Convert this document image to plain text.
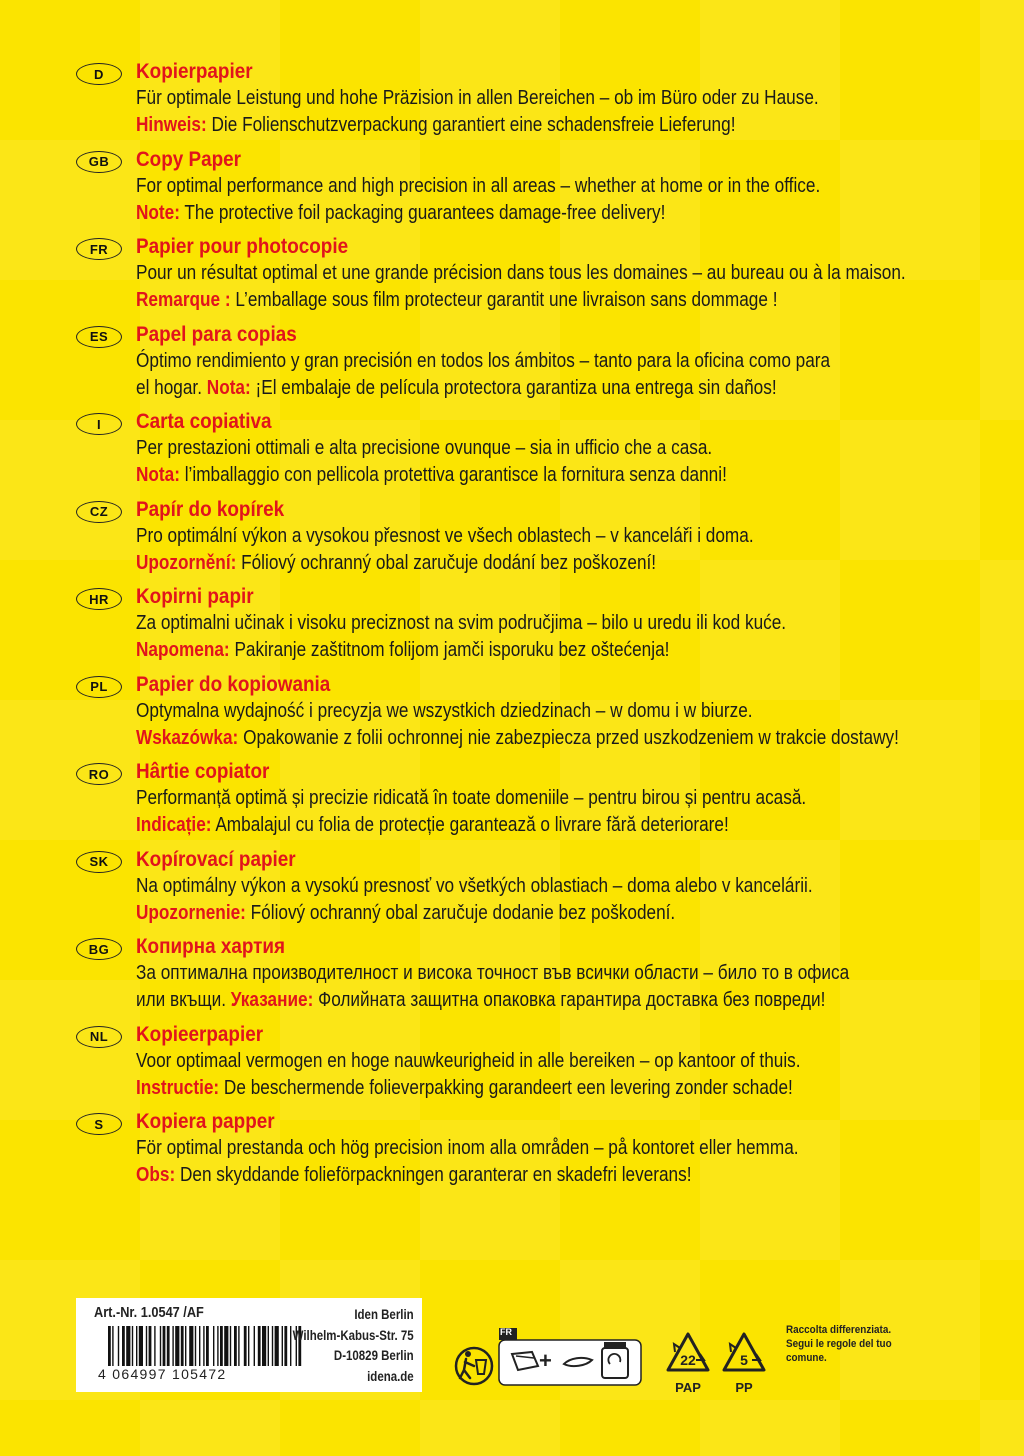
D	Kopierpapier
Für optimale Leistung und hohe Präzision in allen Bereichen – ob im Büro oder zu Hause.
Hinweis: Die Folienschutzverpackung garantiert eine schadensfreie Lieferung!
GB	Copy Paper
For optimal performance and high precision in all areas – whether at home or in the office.
Note: The protective foil packaging guarantees damage-free delivery!
FR	Papier pour photocopie
Pour un résultat optimal et une grande précision dans tous les domaines – au bureau ou à la maison.
Remarque : L’emballage sous film protecteur garantit une livraison sans dommage !
ES	Papel para copias
Óptimo rendimiento y gran precisión en todos los ámbitos – tanto para la oficina como para
el hogar. Nota: ¡El embalaje de película protectora garantiza una entrega sin daños!
I	Carta copiativa
Per prestazioni ottimali e alta precisione ovunque – sia in ufficio che a casa.
Nota: l’imballaggio con pellicola protettiva garantisce la fornitura senza danni!
CZ	Papír do kopírek
Pro optimální výkon a vysokou přesnost ve všech oblastech – v kanceláři i doma.
Upozornění: Fóliový ochranný obal zaručuje dodání bez poškození!
HR	Kopirni papir
Za optimalni učinak i visoku preciznost na svim područjima – bilo u uredu ili kod kuće.
Napomena: Pakiranje zaštitnom folijom jamči isporuku bez oštećenja!
PL	Papier do kopiowania
Optymalna wydajność i precyzja we wszystkich dziedzinach – w domu i w biurze.
Wskazówka: Opakowanie z folii ochronnej nie zabezpiecza przed uszkodzeniem w trakcie dostawy!
RO	Hârtie copiator
Performanță optimă și precizie ridicată în toate domeniile – pentru birou și pentru acasă.
Indicație: Ambalajul cu folia de protecție garantează o livrare fără deteriorare!
SK	Kopírovací papier
Na optimálny výkon a vysokú presnosť vo všetkých oblastiach – doma alebo v kancelárii.
Upozornenie: Fóliový ochranný obal zaručuje dodanie bez poškodení.
BG	Копирна хартия
За оптимална производителност и висока точност във всички области – било то в офиса
или вкъщи. Указание: Фолийната защитна опаковка гарантира доставка без повреди!
NL	Kopieerpapier
Voor optimaal vermogen en hoge nauwkeurigheid in alle bereiken – op kantoor of thuis.
Instructie: De beschermende folieverpakking garandeert een levering zonder schade!
S	Kopiera papper
För optimal prestanda och hög precision inom alla områden – på kontoret eller hemma.
Obs: Den skyddande folieförpackningen garanterar en skadefri leverans!
Art.-Nr. 1.0547 /AF
4 064997 105472
Iden Berlin
Wilhelm-Kabus-Str. 75
D-10829 Berlin
idena.de
FR
+	22
PAP
5
PP
Raccolta differenziata.
Segui le regole del tuo
comune.
